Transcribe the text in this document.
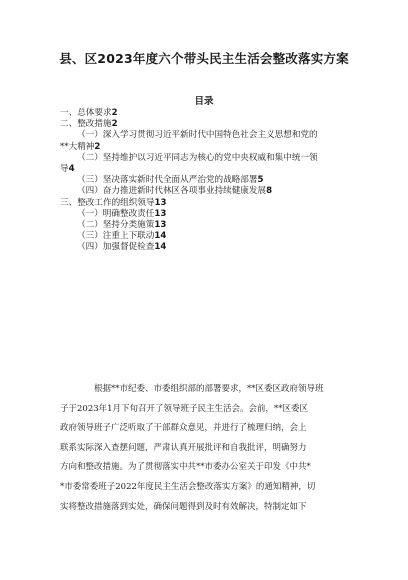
县、区2023年度六个带头民主生活会整改落实方案
目录
一、总体要求2
二、整改措施2
（一）深入学习贯彻习近平新时代中国特色社会主义思想和党的
**大精神2
（二）坚持维护以习近平同志为核心的党中央权威和集中统一领
导4
（三）坚决落实新时代全面从严治党的战略部署5
（四）奋力推进新时代林区各项事业持续健康发展8
三、整改工作的组织领导13
（一）明确整改责任13
（二）坚持分类施策13
（三）注重上下联动14
（四）加强督促检查14
根据**市纪委、市委组织部的部署要求，**区委区政府领导班
子于2023年1月下旬召开了领导班子民主生活会。会前，**区委区
政府领导班子广泛听取了干部群众意见，并进行了梳理归纳，会上
联系实际深入查摆问题，严肃认真开展批评和自我批评，明确努力
方向和整改措施。为了贯彻落实中共**市委办公室关于印发《中共*
*市委常委班子2022年度民主生活会整改落实方案》的通知精神，切
实将整改措施落到实处，确保问题得到及时有效解决，特制定如下
